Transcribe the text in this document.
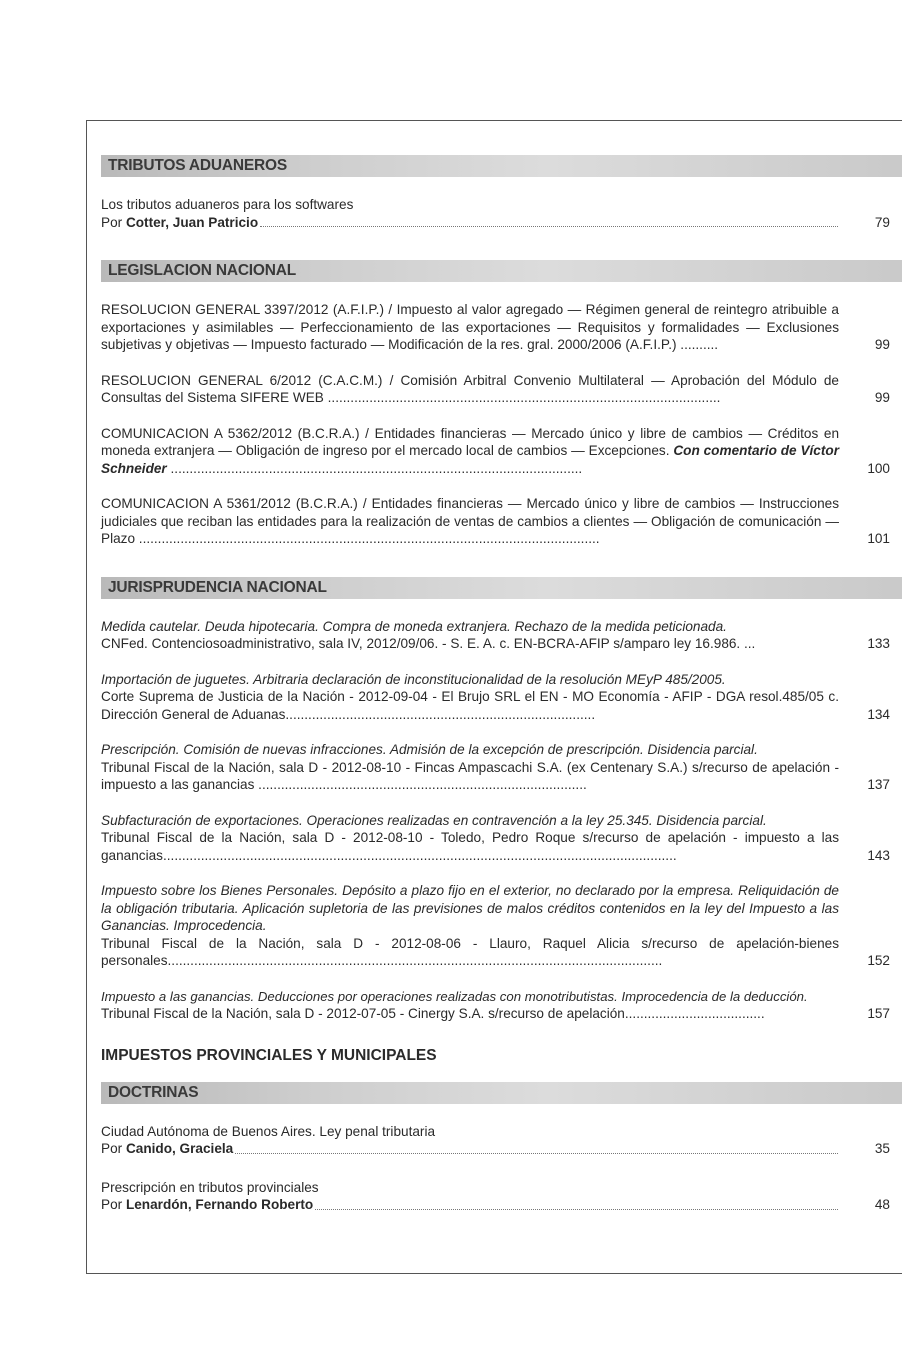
TRIBUTOS ADUANEROS
Los tributos aduaneros para los softwares
Por Cotter, Juan Patricio	79
LEGISLACION NACIONAL
RESOLUCION GENERAL 3397/2012 (A.F.I.P.) / Impuesto al valor agregado — Régimen general de reintegro atribuible a exportaciones y asimilables — Perfeccionamiento de las exportaciones — Requisitos y formalidades — Exclusiones subjetivas y objetivas — Impuesto facturado — Modificación de la res. gral. 2000/2006 (A.F.I.P.) ..........	99
RESOLUCION GENERAL 6/2012 (C.A.C.M.) / Comisión Arbitral Convenio Multilateral — Aprobación del Módulo de Consultas del Sistema SIFERE WEB ........................................................................................................	99
COMUNICACION A 5362/2012 (B.C.R.A.) / Entidades financieras — Mercado único y libre de cambios — Créditos en moneda extranjera — Obligación de ingreso por el mercado local de cambios — Excepciones. Con comentario de Víctor Schneider .............................................................................................................	100
COMUNICACION A 5361/2012 (B.C.R.A.) / Entidades financieras — Mercado único y libre de cambios — Instrucciones judiciales que reciban las entidades para la realización de ventas de cambios a clientes — Obligación de comunicación — Plazo ..........................................................................................................................	101
JURISPRUDENCIA NACIONAL
Medida cautelar. Deuda hipotecaria. Compra de moneda extranjera. Rechazo de la medida peticionada.
CNFed. Contenciosoadministrativo, sala IV, 2012/09/06. - S. E. A. c. EN-BCRA-AFIP s/amparo ley 16.986. ...	133
Importación de juguetes. Arbitraria declaración de inconstitucionalidad de la resolución MEyP 485/2005.
Corte Suprema de Justicia de la Nación - 2012-09-04 - El Brujo SRL el EN - MO Economía - AFIP - DGA resol.485/05 c. Dirección General de Aduanas..................................................................................	134
Prescripción. Comisión de nuevas infracciones. Admisión de la excepción de prescripción. Disidencia parcial.
Tribunal Fiscal de la Nación, sala D - 2012-08-10 - Fincas Ampascachi S.A. (ex Centenary S.A.) s/recurso de apelación - impuesto a las ganancias .......................................................................................	137
Subfacturación de exportaciones. Operaciones realizadas en contravención a la ley 25.345. Disidencia parcial.
Tribunal Fiscal de la Nación, sala D - 2012-08-10 - Toledo, Pedro Roque s/recurso de apelación - impuesto a las ganancias........................................................................................................................................	143
Impuesto sobre los Bienes Personales. Depósito a plazo fijo en el exterior, no declarado por la empresa. Reliquidación de la obligación tributaria. Aplicación supletoria de las previsiones de malos créditos contenidos en la ley del Impuesto a las Ganancias. Improcedencia.
Tribunal Fiscal de la Nación, sala D - 2012-08-06 - Llauro, Raquel Alicia s/recurso de apelación-bienes personales...................................................................................................................................	152
Impuesto a las ganancias. Deducciones por operaciones realizadas con monotributistas. Improcedencia de la deducción.
Tribunal Fiscal de la Nación, sala D - 2012-07-05 - Cinergy S.A. s/recurso de apelación.....................................	157
IMPUESTOS PROVINCIALES Y MUNICIPALES
DOCTRINAS
Ciudad Autónoma de Buenos Aires. Ley penal tributaria
Por Canido, Graciela	35
Prescripción en tributos provinciales
Por Lenardón, Fernando Roberto	48
